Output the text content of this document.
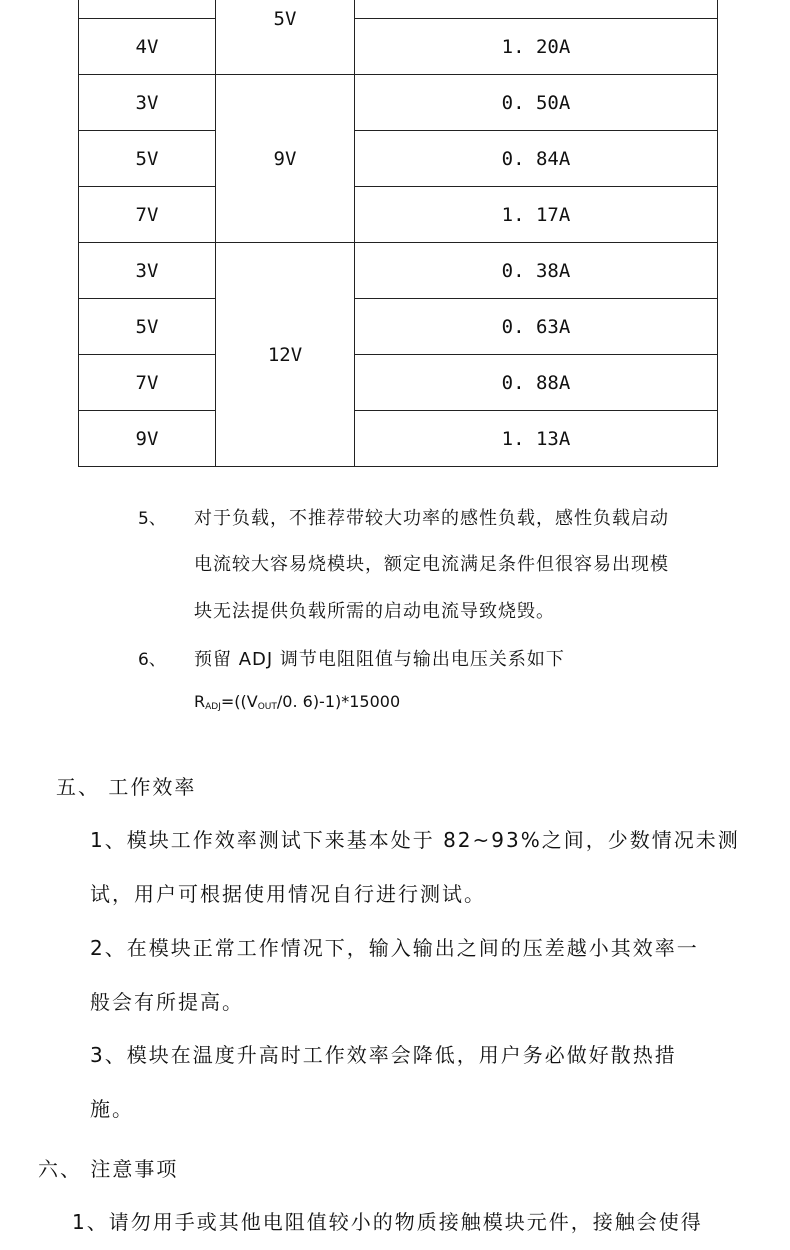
	5V	
4V		1. 20A
3V	9V	0. 50A
5V		0. 84A
7V		1. 17A
3V	12V	0. 38A
5V		0. 63A
7V		0. 88A
9V		1. 13A
5、 对于负载，不推荐带较大功率的感性负载，感性负载启动
电流较大容易烧模块，额定电流满足条件但很容易出现模
块无法提供负载所需的启动电流导致烧毁。
6、 预留 ADJ 调节电阻阻值与输出电压关系如下
$R_{ADJ}=((V_{OUT}/0$. 6)-1)*15000
五、 工作效率
1、模块工作效率测试下来基本处于 82~93%之间，少数情况未测
试，用户可根据使用情况自行进行测试。
2、在模块正常工作情况下，输入输出之间的压差越小其效率一
般会有所提高。
3、模块在温度升高时工作效率会降低，用户务必做好散热措
施。
六、 注意事项
1、请勿用手或其他电阻值较小的物质接触模块元件，接触会使得
